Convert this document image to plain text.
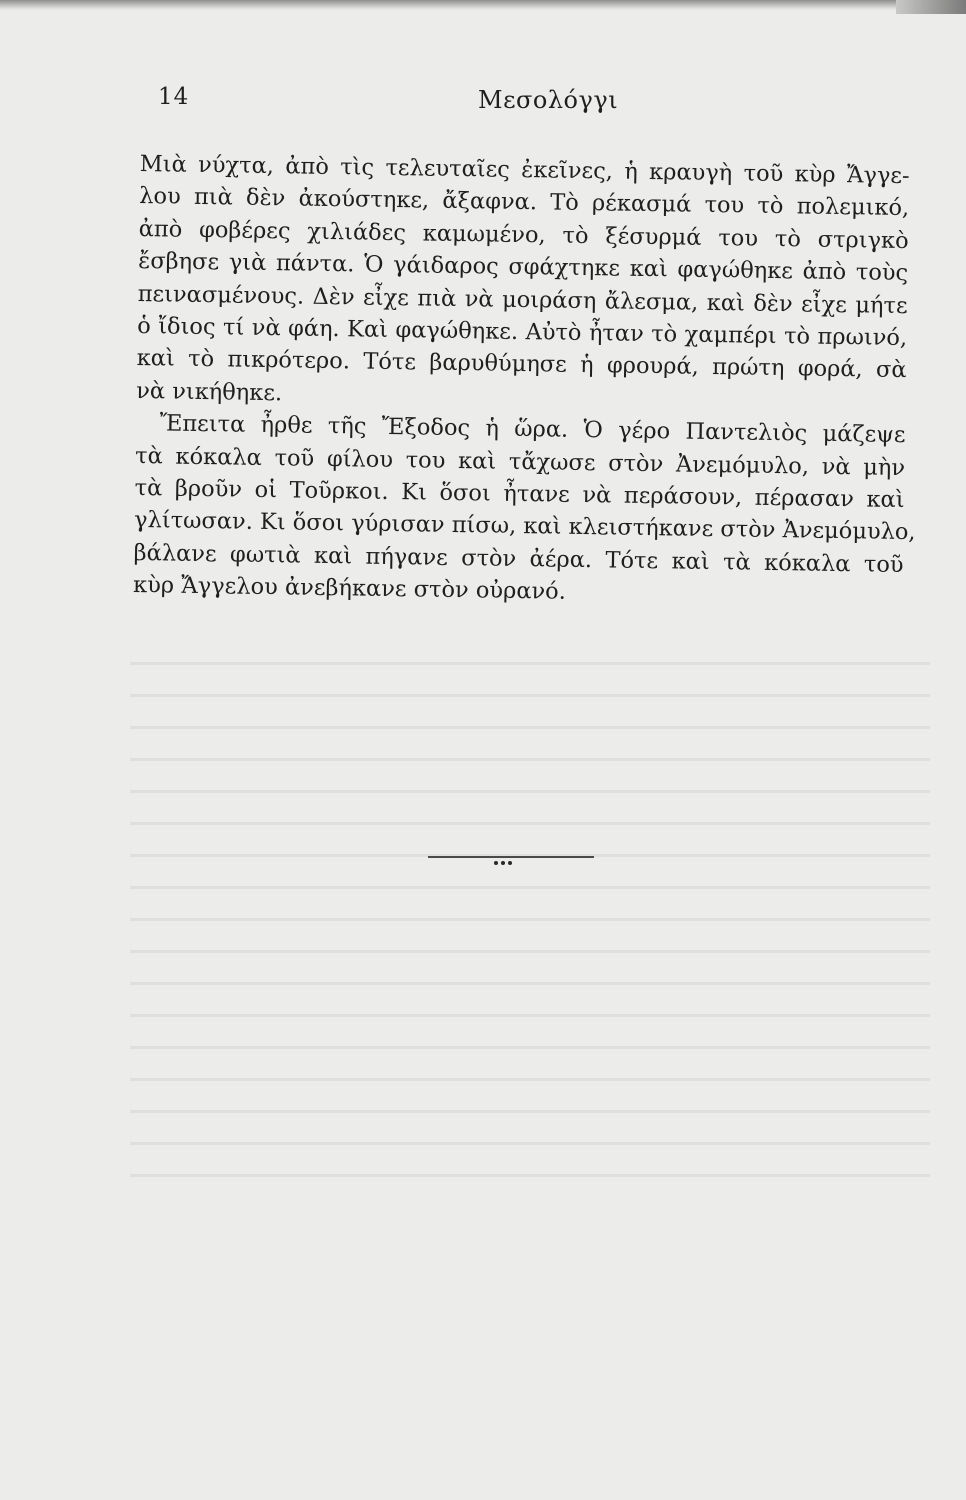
14	Μεσολόγγι
Μιὰ νύχτα, ἀπὸ τὶς τελευταῖες ἐκεῖνες, ἡ κραυγὴ τοῦ κὺρ Ἄγγε-
λου πιὰ δὲν ἀκούστηκε, ἄξαφνα. Τὸ ρέκασμά του τὸ πολεμικό,
ἀπὸ φοβέρες χιλιάδες καμωμένο, τὸ ξέσυρμά του τὸ στριγκὸ
ἔσβησε γιὰ πάντα. Ὁ γάιδαρος σφάχτηκε καὶ φαγώθηκε ἀπὸ τοὺς
πεινασμένους. Δὲν εἶχε πιὰ νὰ μοιράση ἄλεσμα, καὶ δὲν εἶχε μήτε
ὁ ἴδιος τί νὰ φάη. Καὶ φαγώθηκε. Αὐτὸ ἦταν τὸ χαμπέρι τὸ πρωινό,
καὶ τὸ πικρότερο. Τότε βαρυθύμησε ἡ φρουρά, πρώτη φορά, σὰ
νὰ νικήθηκε.
Ἔπειτα ἦρθε τῆς Ἔξοδος ἡ ὥρα. Ὁ γέρο Παντελιὸς μάζεψε
τὰ κόκαλα τοῦ φίλου του καὶ τἄχωσε στὸν Ἀνεμόμυλο, νὰ μὴν
τὰ βροῦν οἱ Τοῦρκοι. Κι ὅσοι ἦτανε νὰ περάσουν, πέρασαν καὶ
γλίτωσαν. Κι ὅσοι γύρισαν πίσω, καὶ κλειστήκανε στὸν Ἀνεμόμυλο,
βάλανε φωτιὰ καὶ πήγανε στὸν ἀέρα. Τότε καὶ τὰ κόκαλα τοῦ
κὺρ Ἄγγελου ἀνεβήκανε στὸν οὐρανό.
